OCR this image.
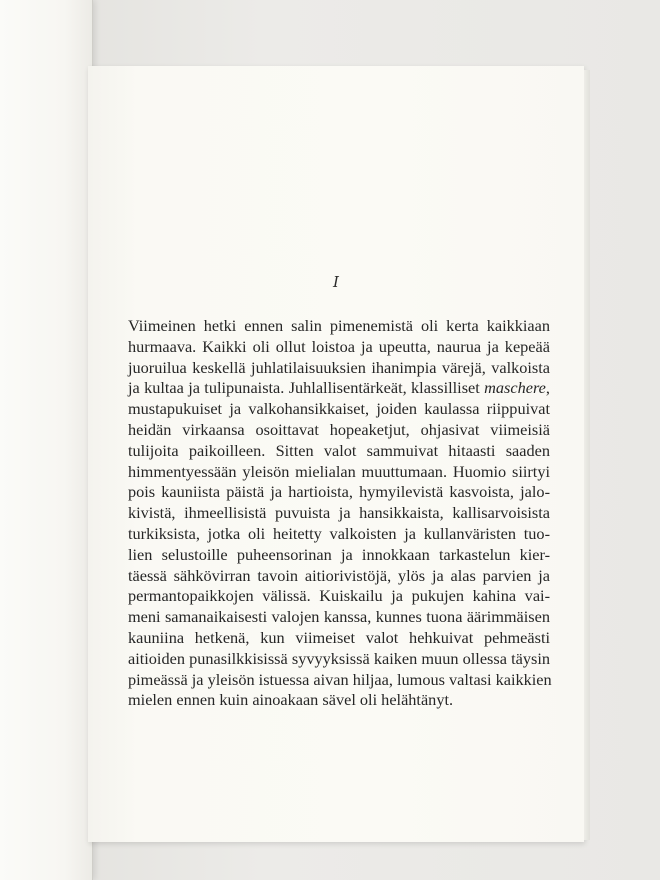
I

Viimeinen hetki ennen salin pimenemistä oli kerta kaikkiaan
hurmaava. Kaikki oli ollut loistoa ja upeutta, naurua ja kepeää
juoruilua keskellä juhlatilaisuuksien ihanimpia värejä, valkoista
ja kultaa ja tulipunaista. Juhlallisentärkeät, klassilliset maschere,
mustapukuiset ja valkohansikkaiset, joiden kaulassa riippuivat
heidän virkaansa osoittavat hopeaketjut, ohjasivat viimeisiä
tulijoita paikoilleen. Sitten valot sammuivat hitaasti saaden
himmentyessään yleisön mielialan muuttumaan. Huomio siirtyi
pois kauniista päistä ja hartioista, hymyilevistä kasvoista, jalo-
kivistä, ihmeellisistä puvuista ja hansikkaista, kallisarvoisista
turkiksista, jotka oli heitetty valkoisten ja kullanväristen tuo-
lien selustoille puheensorinan ja innokkaan tarkastelun kier-
täessä sähkövirran tavoin aitiorivistöjä, ylös ja alas parvien ja
permantopaikkojen välissä. Kuiskailu ja pukujen kahina vai-
meni samanaikaisesti valojen kanssa, kunnes tuona äärimmäisen
kauniina hetkenä, kun viimeiset valot hehkuivat pehmeästi
aitioiden punasilkkisissä syvyyksissä kaiken muun ollessa täysin
pimeässä ja yleisön istuessa aivan hiljaa, lumous valtasi kaikkien
mielen ennen kuin ainoakaan sävel oli helähtänyt.
